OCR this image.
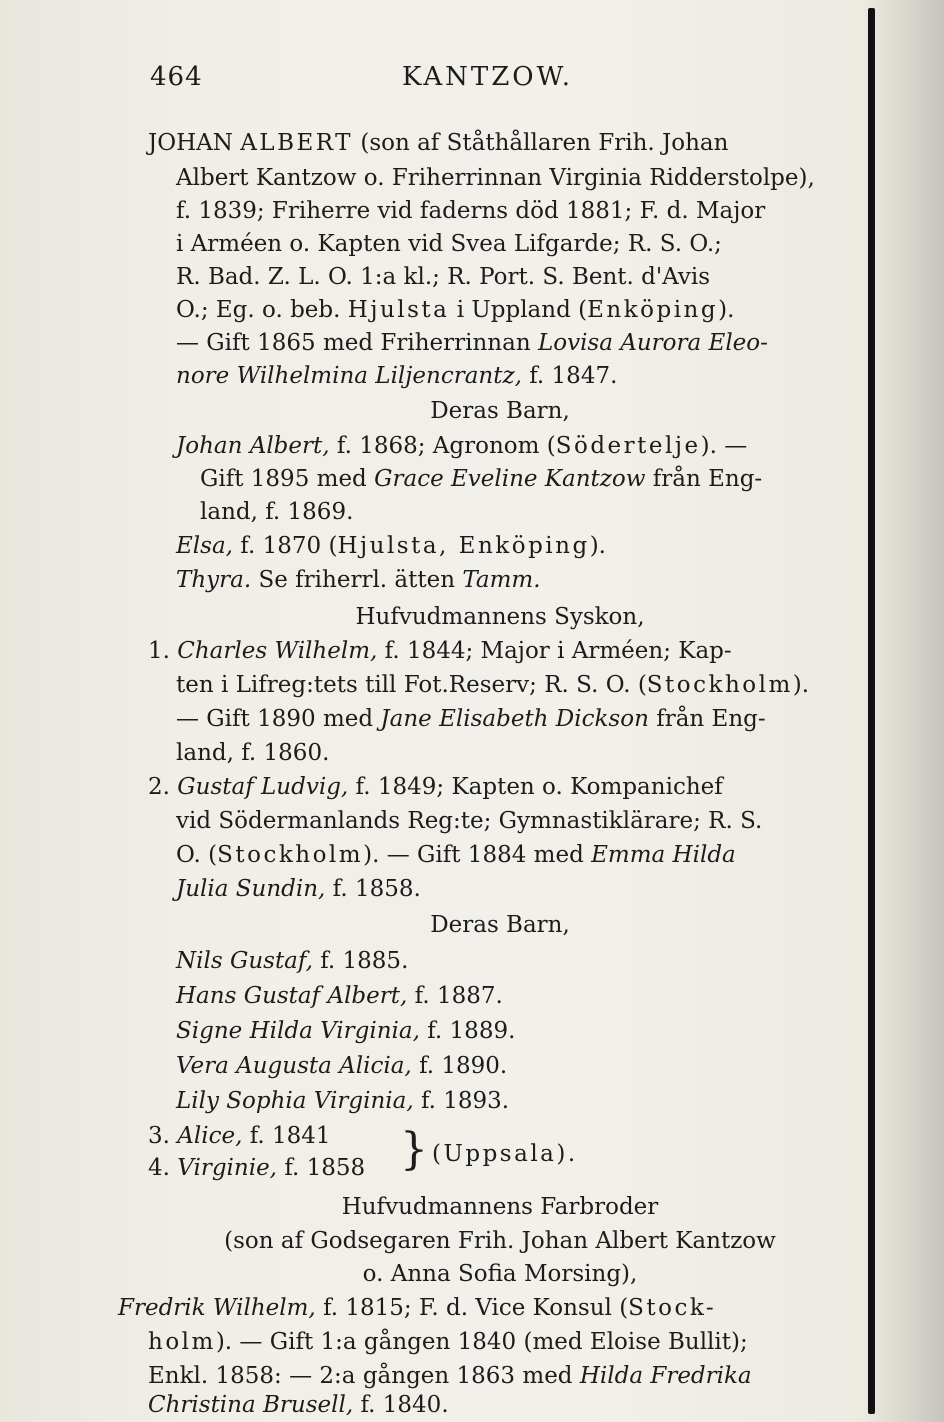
464	KANTZOW.
JOHAN ALBERT (son af Ståthållaren Frih. Johan
Albert Kantzow o. Friherrinnan Virginia Ridderstolpe),
f. 1839; Friherre vid faderns död 1881; F. d. Major
i Arméen o. Kapten vid Svea Lifgarde; R. S. O.;
R. Bad. Z. L. O. 1:a kl.; R. Port. S. Bent. d'Avis
O.; Eg. o. beb. Hjulsta i Uppland (Enköping).
— Gift 1865 med Friherrinnan Lovisa Aurora Eleo-
nore Wilhelmina Liljencrantz, f. 1847.
Deras Barn,
Johan Albert, f. 1868; Agronom (Södertelje). —
Gift 1895 med Grace Eveline Kantzow från Eng-
land, f. 1869.
Elsa, f. 1870 (Hjulsta, Enköping).
Thyra. Se friherrl. ätten Tamm.
Hufvudmannens Syskon,
1. Charles Wilhelm, f. 1844; Major i Arméen; Kap-
ten i Lifreg:tets till Fot.Reserv; R. S. O. (Stockholm).
— Gift 1890 med Jane Elisabeth Dickson från Eng-
land, f. 1860.
2. Gustaf Ludvig, f. 1849; Kapten o. Kompanichef
vid Södermanlands Reg:te; Gymnastiklärare; R. S.
O. (Stockholm). — Gift 1884 med Emma Hilda
Julia Sundin, f. 1858.
Deras Barn,
Nils Gustaf, f. 1885.
Hans Gustaf Albert, f. 1887.
Signe Hilda Virginia, f. 1889.
Vera Augusta Alicia, f. 1890.
Lily Sophia Virginia, f. 1893.
3. Alice, f. 1841
4. Virginie, f. 1858 } (Uppsala).
Hufvudmannens Farbroder
(son af Godsegaren Frih. Johan Albert Kantzow
o. Anna Sofia Morsing),
Fredrik Wilhelm, f. 1815; F. d. Vice Konsul (Stock-
holm). — Gift 1:a gången 1840 (med Eloise Bullit);
Enkl. 1858: — 2:a gången 1863 med Hilda Fredrika
Christina Brusell, f. 1840.
